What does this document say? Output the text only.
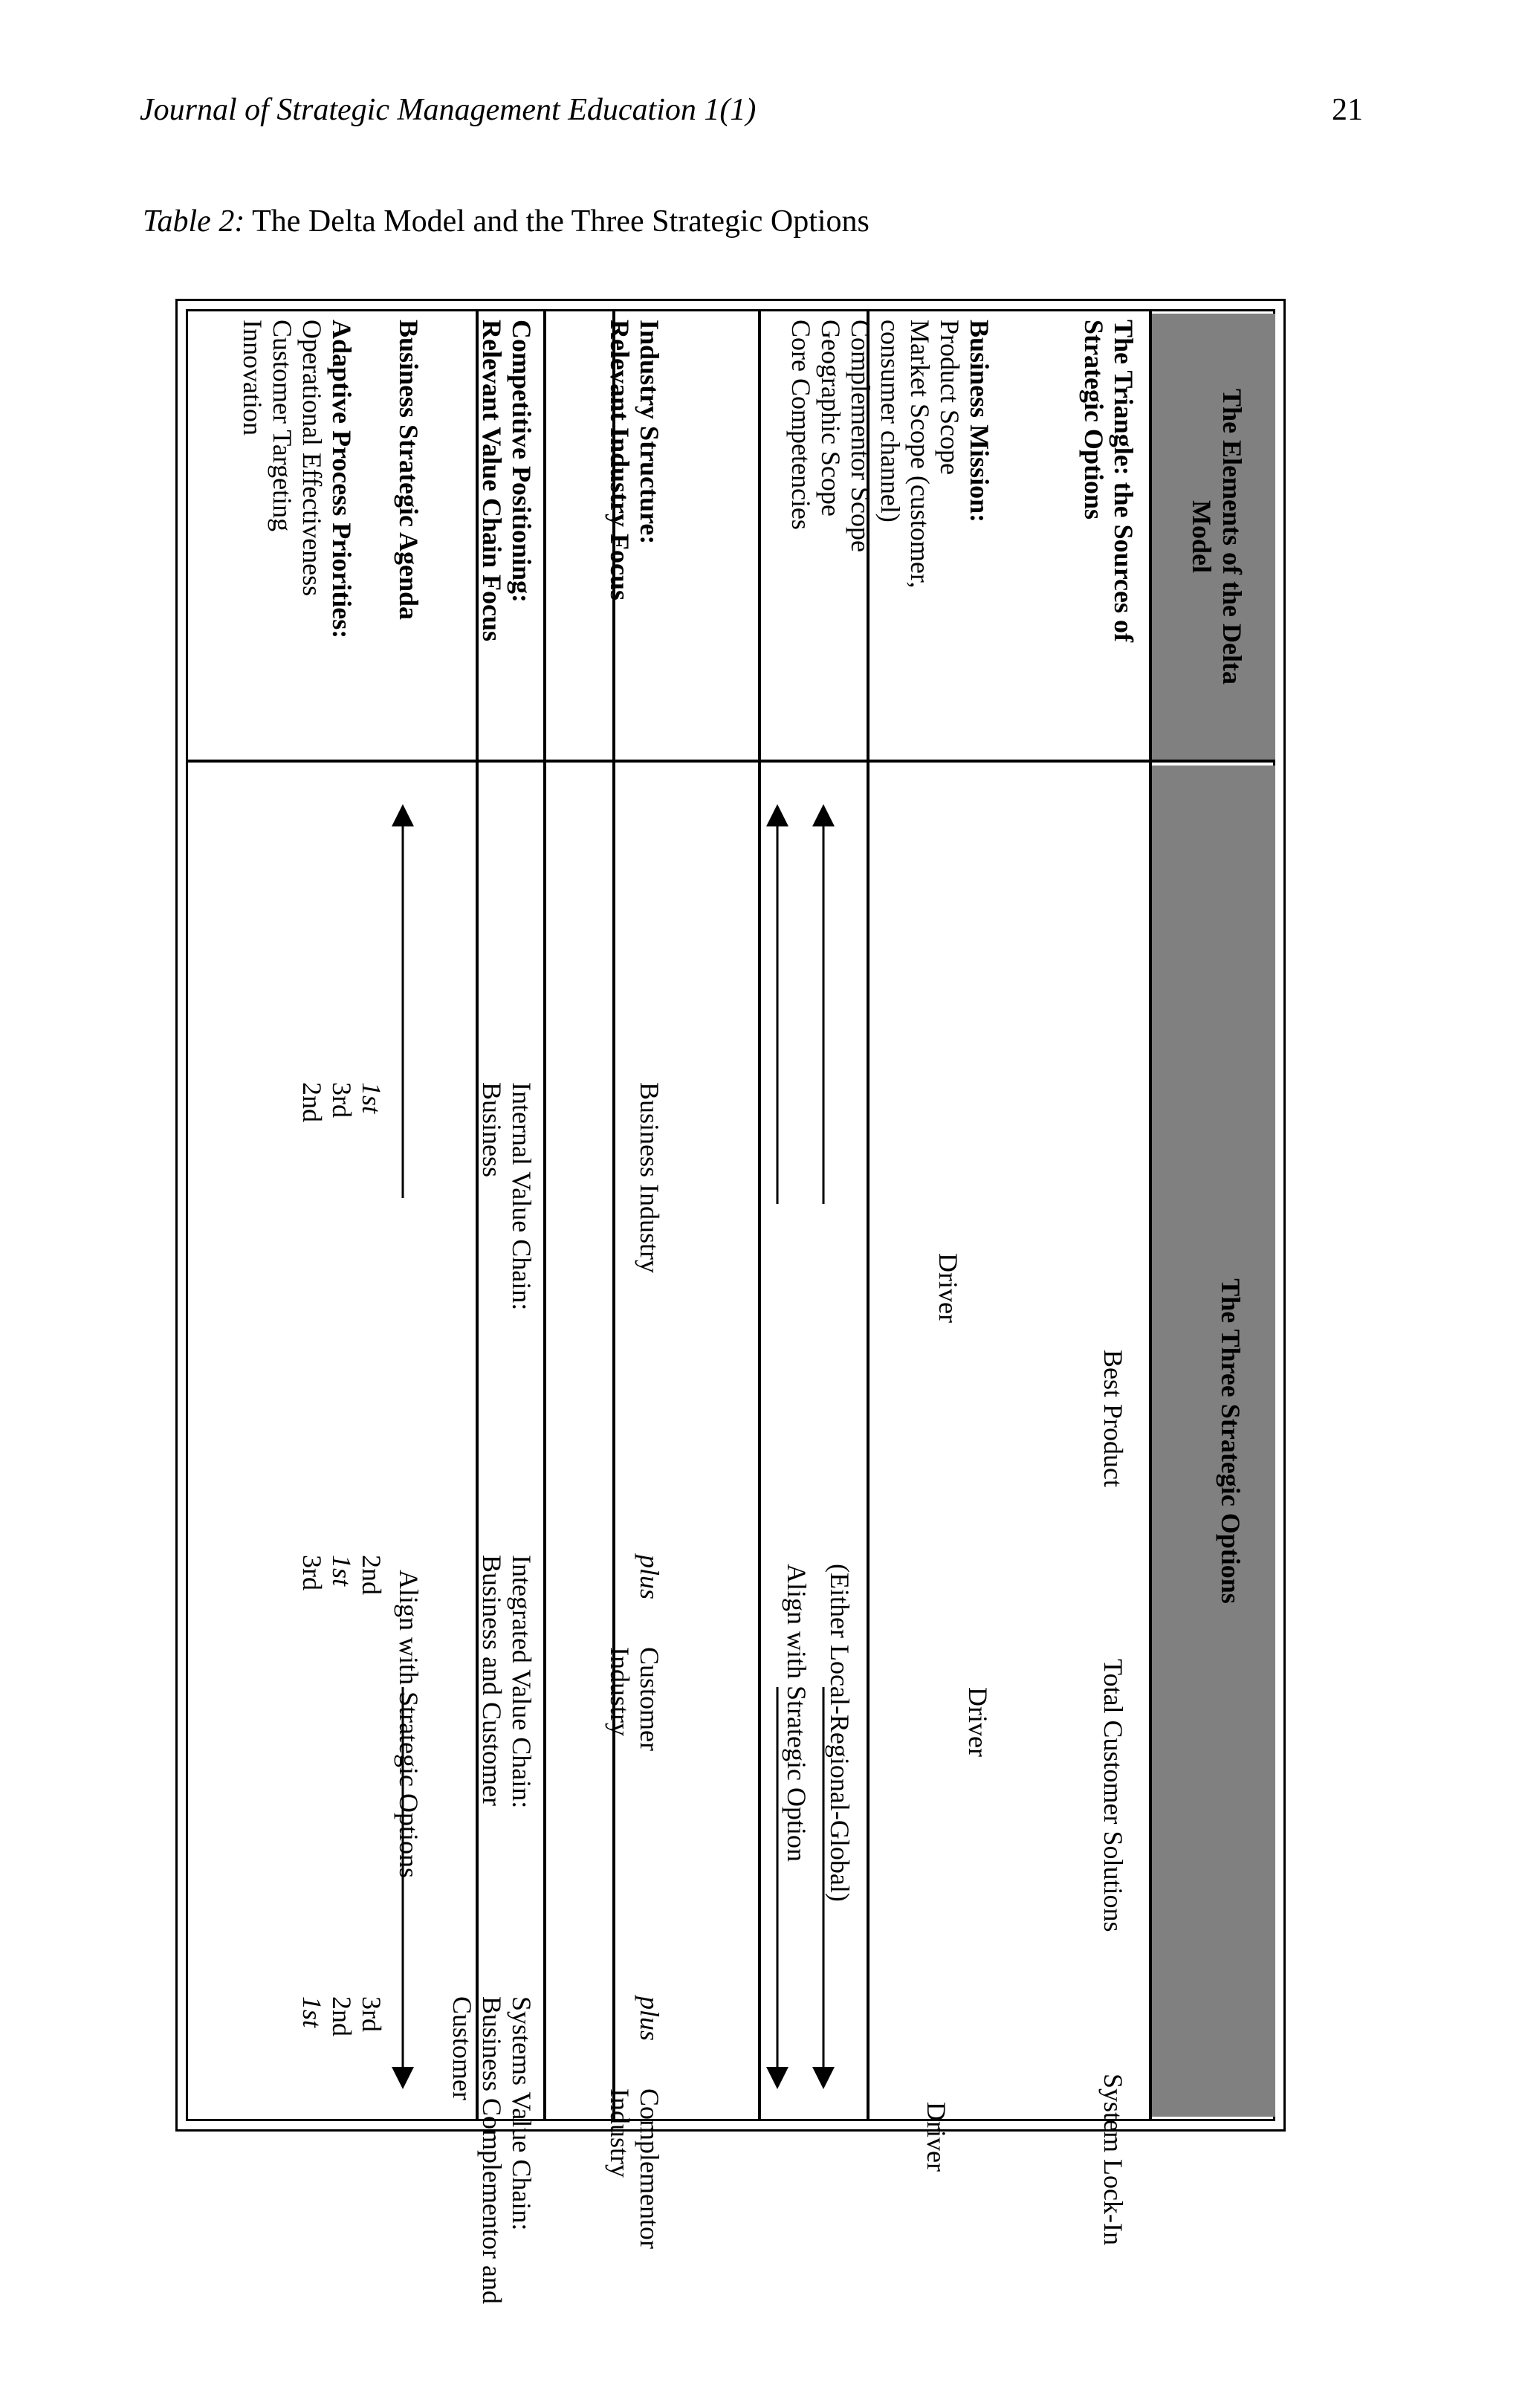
Journal of Strategic Management Education 1(1)	21
Table 2: The Delta Model and the Three Strategic Options
The Elements of the Delta
Model
The Three Strategic Options
The Triangle: the Sources of
Strategic Options
Best Product
Total Customer Solutions
System Lock-In
Business Mission:
Product Scope
Market Scope (customer,
consumer channel)
Complementor Scope
Geographic Scope
Core Competencies
Driver
Driver
Driver
(Either Local-Regional-Global)
Align with Strategic Option
Industry Structure:
Relevant Industry Focus
Business Industry
plus
Customer
Industry
plus
Complementor
Industry
Competitive Positioning:
Relevant Value Chain Focus
Internal Value Chain:
Business
Integrated Value Chain:
Business and Customer
Systems Value Chain:
Business Complementor and
Customer
Business Strategic Agenda
Align with Strategic Options
Adaptive Process Priorities:
Operational Effectiveness
Customer Targeting
Innovation
1st
3rd
2nd
2nd
1st
3rd
3rd
2nd
1st
